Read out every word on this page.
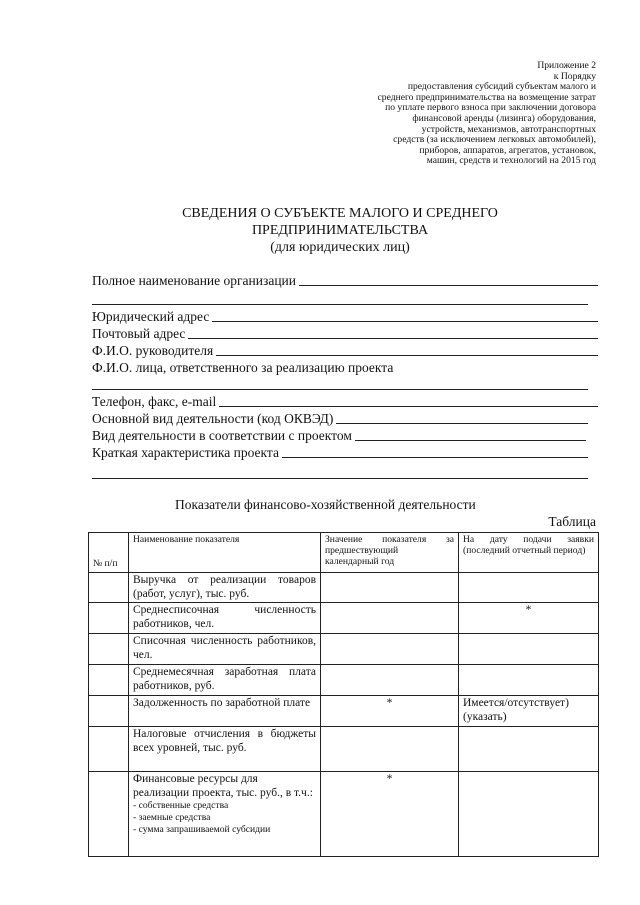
Приложение 2
к Порядку
предоставления субсидий субъектам малого и
среднего предпринимательства на возмещение затрат
по уплате первого взноса при заключении договора
финансовой аренды (лизинга) оборудования,
устройств, механизмов, автотранспортных
средств (за исключением легковых автомобилей),
приборов, аппаратов, агрегатов, установок,
машин, средств и технологий на 2015 год
СВЕДЕНИЯ О СУБЪЕКТЕ МАЛОГО И СРЕДНЕГО
ПРЕДПРИНИМАТЕЛЬСТВА
(для юридических лиц)
Полное наименование организации
Юридический адрес
Почтовый адрес
Ф.И.О. руководителя
Ф.И.О. лица, ответственного за реализацию проекта
Телефон, факс, e-mail
Основной вид деятельности (код ОКВЭД)
Вид деятельности в соответствии с проектом
Краткая характеристика проекта
Показатели финансово-хозяйственной деятельности
Таблица
№ п/п	Наименование показателя	Значение показателя за предшествующий календарный год	На дату подачи заявки (последний отчетный период)
	Выручка от реализации товаров (работ, услуг), тыс. руб.		
	Среднесписочная численность работников, чел.		*
	Списочная численность работников, чел.		
	Среднемесячная заработная плата работников, руб.		
	Задолженность по заработной плате	*	Имеется/отсутствует) (указать)
	Налоговые отчисления в бюджеты всех уровней, тыс. руб.		

	Финансовые ресурсы для реализации проекта, тыс. руб., в т.ч.:
- собственные средства
- заемные средства
- сумма запрашиваемой субсидии	*	
